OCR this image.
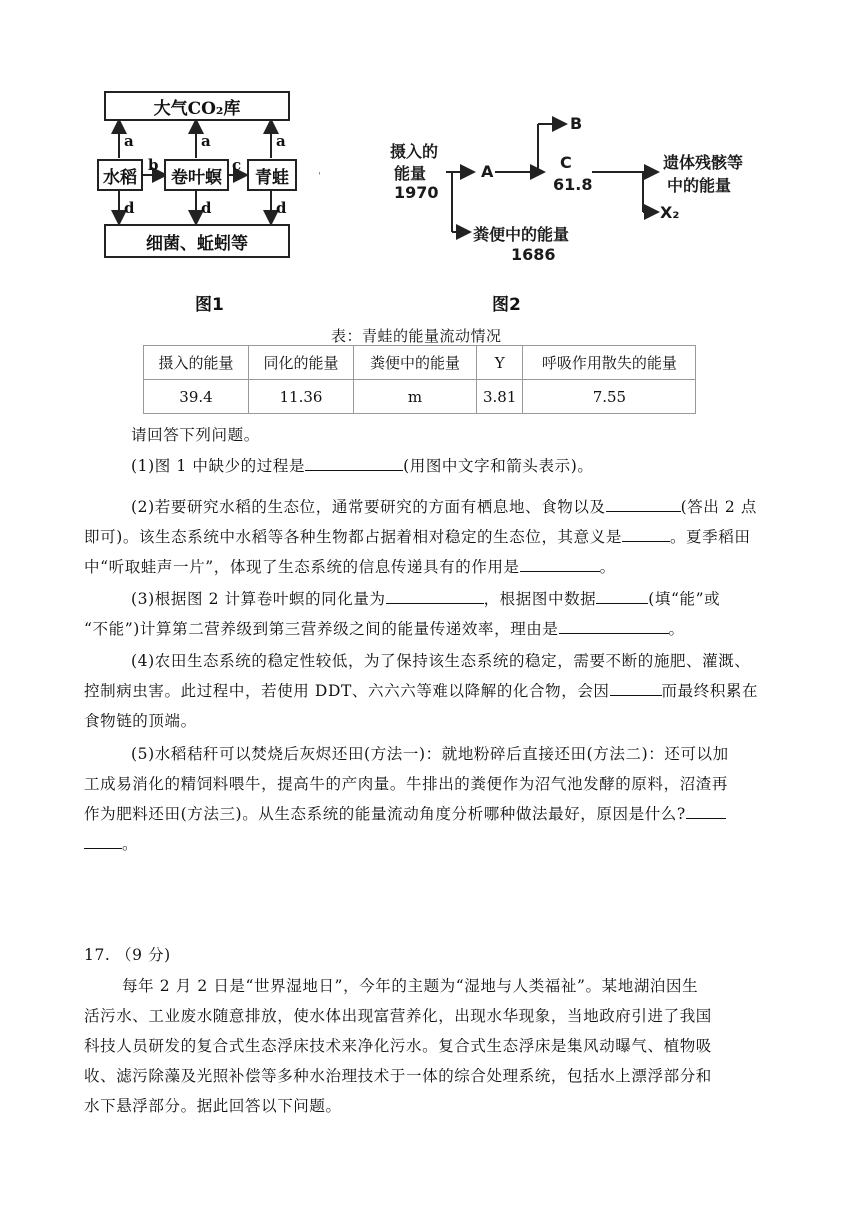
ˈ
大气CO₂库
水稻	卷叶螟	青蛙
细菌、蚯蚓等
a	a	a
b	c
d	d	d
图1
摄入的
能量
1970
A
B
C
61.8
遗体残骸等
中的能量
X₂
粪便中的能量
1686
图2
表：青蛙的能量流动情况
摄入的能量	同化的能量	粪便中的能量	Y	呼吸作用散失的能量
39.4	11.36	m	3.81	7.55
请回答下列问题。
(1)图 1 中缺少的过程是	(用图中文字和箭头表示)。
(2)若要研究水稻的生态位，通常要研究的方面有栖息地、食物以及	(答出 2 点
即可)。该生态系统中水稻等各种生物都占据着相对稳定的生态位，其意义是	。夏季稻田
中“听取蛙声一片”，体现了生态系统的信息传递具有的作用是	。
(3)根据图 2 计算卷叶螟的同化量为	，根据图中数据	(填“能”或
“不能”)计算第二营养级到第三营养级之间的能量传递效率，理由是	。
(4)农田生态系统的稳定性较低，为了保持该生态系统的稳定，需要不断的施肥、灌溉、
控制病虫害。此过程中，若使用 DDT、六六六等难以降解的化合物，会因	而最终积累在
食物链的顶端。
(5)水稻秸秆可以焚烧后灰烬还田(方法一)：就地粉碎后直接还田(方法二)：还可以加
工成易消化的精饲料喂牛，提高牛的产肉量。牛排出的粪便作为沼气池发酵的原料，沼渣再
作为肥料还田(方法三)。从生态系统的能量流动角度分析哪种做法最好，原因是什么?
。
17. （9 分)
每年 2 月 2 日是“世界湿地日”，今年的主题为“湿地与人类福祉”。某地湖泊因生
活污水、工业废水随意排放，使水体出现富营养化，出现水华现象，当地政府引进了我国
科技人员研发的复合式生态浮床技术来净化污水。复合式生态浮床是集风动曝气、植物吸
收、滤污除藻及光照补偿等多种水治理技术于一体的综合处理系统，包括水上漂浮部分和
水下悬浮部分。据此回答以下问题。
